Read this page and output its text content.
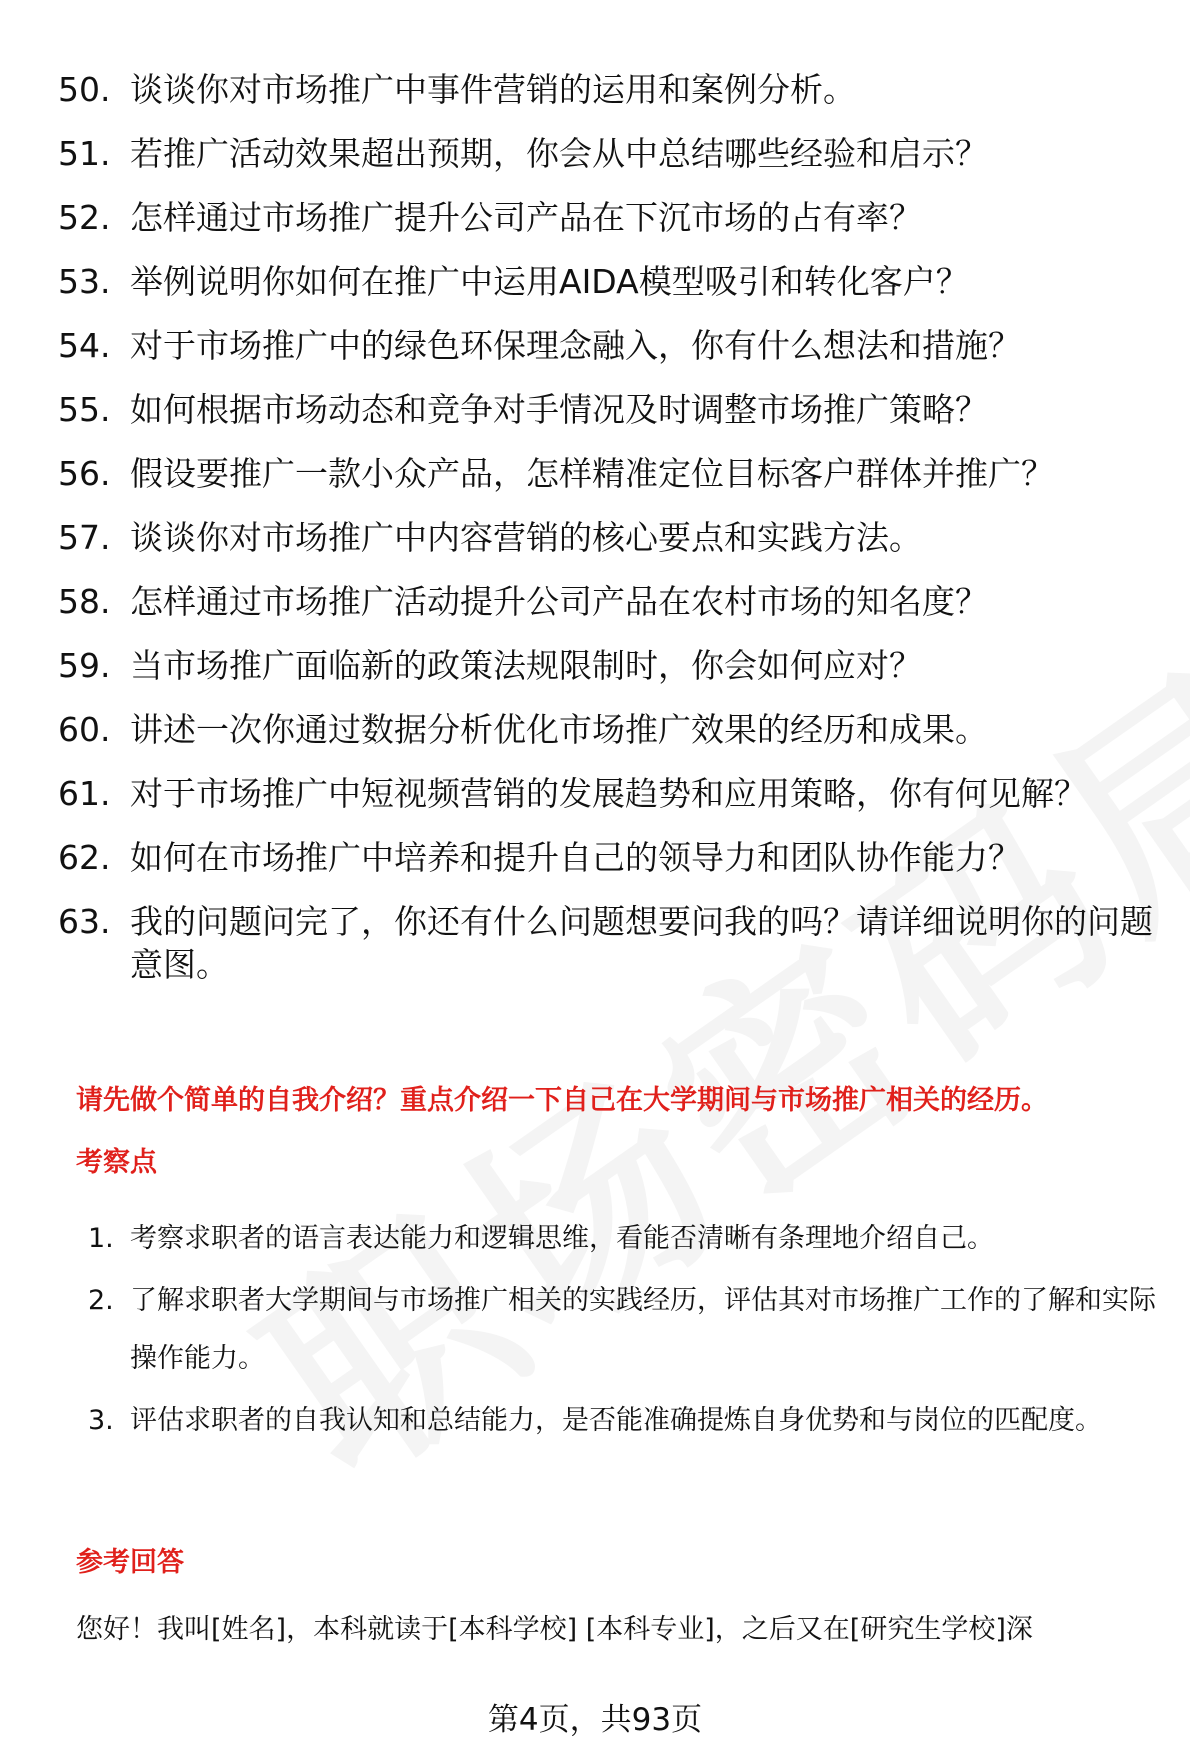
50. 谈谈你对市场推广中事件营销的运用和案例分析。
51. 若推广活动效果超出预期，你会从中总结哪些经验和启示？
52. 怎样通过市场推广提升公司产品在下沉市场的占有率？
53. 举例说明你如何在推广中运用AIDA模型吸引和转化客户？
54. 对于市场推广中的绿色环保理念融入，你有什么想法和措施？
55. 如何根据市场动态和竞争对手情况及时调整市场推广策略？
56. 假设要推广一款小众产品，怎样精准定位目标客户群体并推广？
57. 谈谈你对市场推广中内容营销的核心要点和实践方法。
58. 怎样通过市场推广活动提升公司产品在农村市场的知名度？
59. 当市场推广面临新的政策法规限制时，你会如何应对？
60. 讲述一次你通过数据分析优化市场推广效果的经历和成果。
61. 对于市场推广中短视频营销的发展趋势和应用策略，你有何见解？
62. 如何在市场推广中培养和提升自己的领导力和团队协作能力？
63. 我的问题问完了，你还有什么问题想要问我的吗？请详细说明你的问题意图。
请先做个简单的自我介绍？重点介绍一下自己在大学期间与市场推广相关的经历。
考察点
1. 考察求职者的语言表达能力和逻辑思维，看能否清晰有条理地介绍自己。
2. 了解求职者大学期间与市场推广相关的实践经历，评估其对市场推广工作的了解和实际操作能力。
3. 评估求职者的自我认知和总结能力，是否能准确提炼自身优势和与岗位的匹配度。
参考回答
您好！我叫[姓名]，本科就读于[本科学校] [本科专业]，之后又在[研究生学校]深
第4页，共93页
